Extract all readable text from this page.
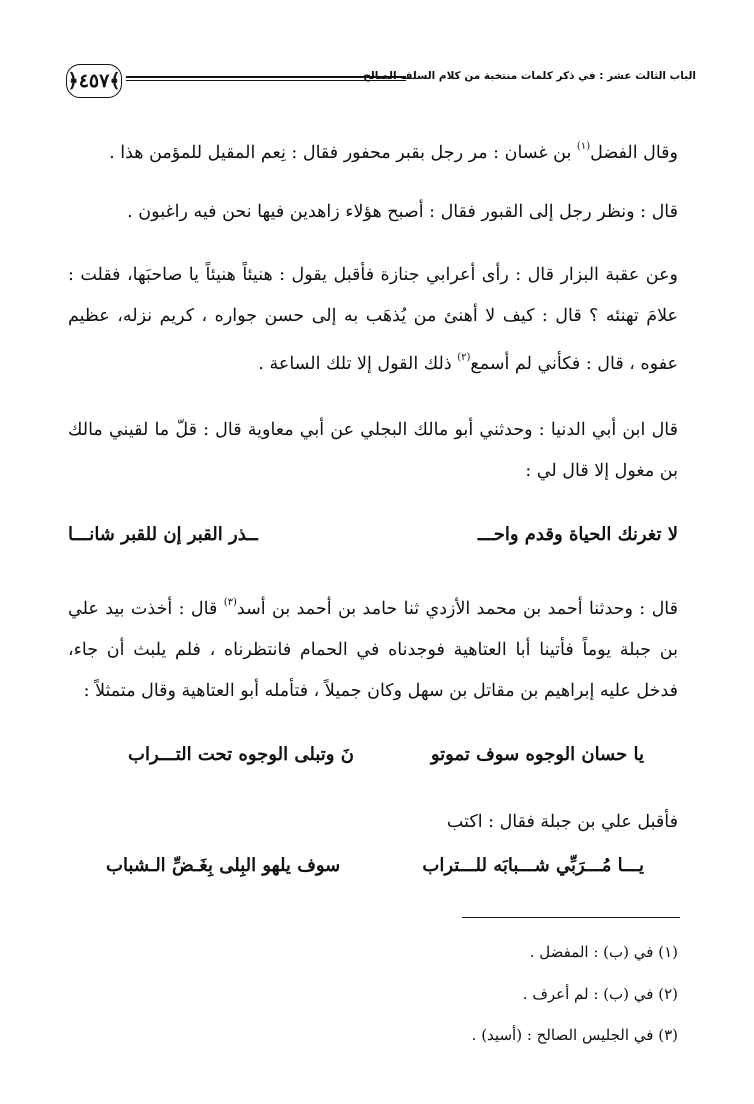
الباب الثالث عشر : في ذكر كلمات منتخبة من كلام السلف الصالح
﴿٤٥٧﴾
وقال الفضل$^{(١)}$ بن غسان : مر رجل بقبر محفور فقال : نِعم المقيل للمؤمن هذا .
قال : ونظر رجل إلى القبور فقال : أصبح هؤلاء زاهدين فيها نحن فيه راغبون .
وعن عقبة البزار قال : رأى أعرابي جنازة فأقبل يقول : هنيئاً هنيئاً يا صاحبَها، فقلت : علامَ تهنئه ؟ قال : كيف لا أهنئ من يُذهَب به إلى حسن جواره ، كريم نزله، عظيم عفوه ، قال : فكأني لم أسمع$^{(٢)}$ ذلك القول إلا تلك الساعة .
قال ابن أبي الدنيا : وحدثني أبو مالك البجلي عن أبي معاوية قال : قلّ ما لقيني مالك بن مغول إلا قال لي :
لا تغرنك الحياة وقدم واحـــ
ــذر القبر إن للقبر شانـــا
قال : وحدثنا أحمد بن محمد الأزدي ثنا حامد بن أحمد بن أسد$^{(٣)}$ قال : أخذت بيد علي بن جبلة يوماً فأتينا أبا العتاهية فوجدناه في الحمام فانتظرناه ، فلم يلبث أن جاء، فدخل عليه إبراهيم بن مقاتل بن سهل وكان جميلاً ، فتأمله أبو العتاهية وقال متمثلاً :
يا حسان الوجوه سوف تموتو
نَ وتبلى الوجوه تحت التـــراب
فأقبل علي بن جبلة فقال : اكتب
يـــا مُـــرَبِّي شـــبابَه للـــتراب
سوف يلهو البِلى بِغَـضِّ الـشباب
(١) في (ب) : المفضل .
(٢) في (ب) : لم أعرف .
(٣) في الجليس الصالح : (أسيد) .
